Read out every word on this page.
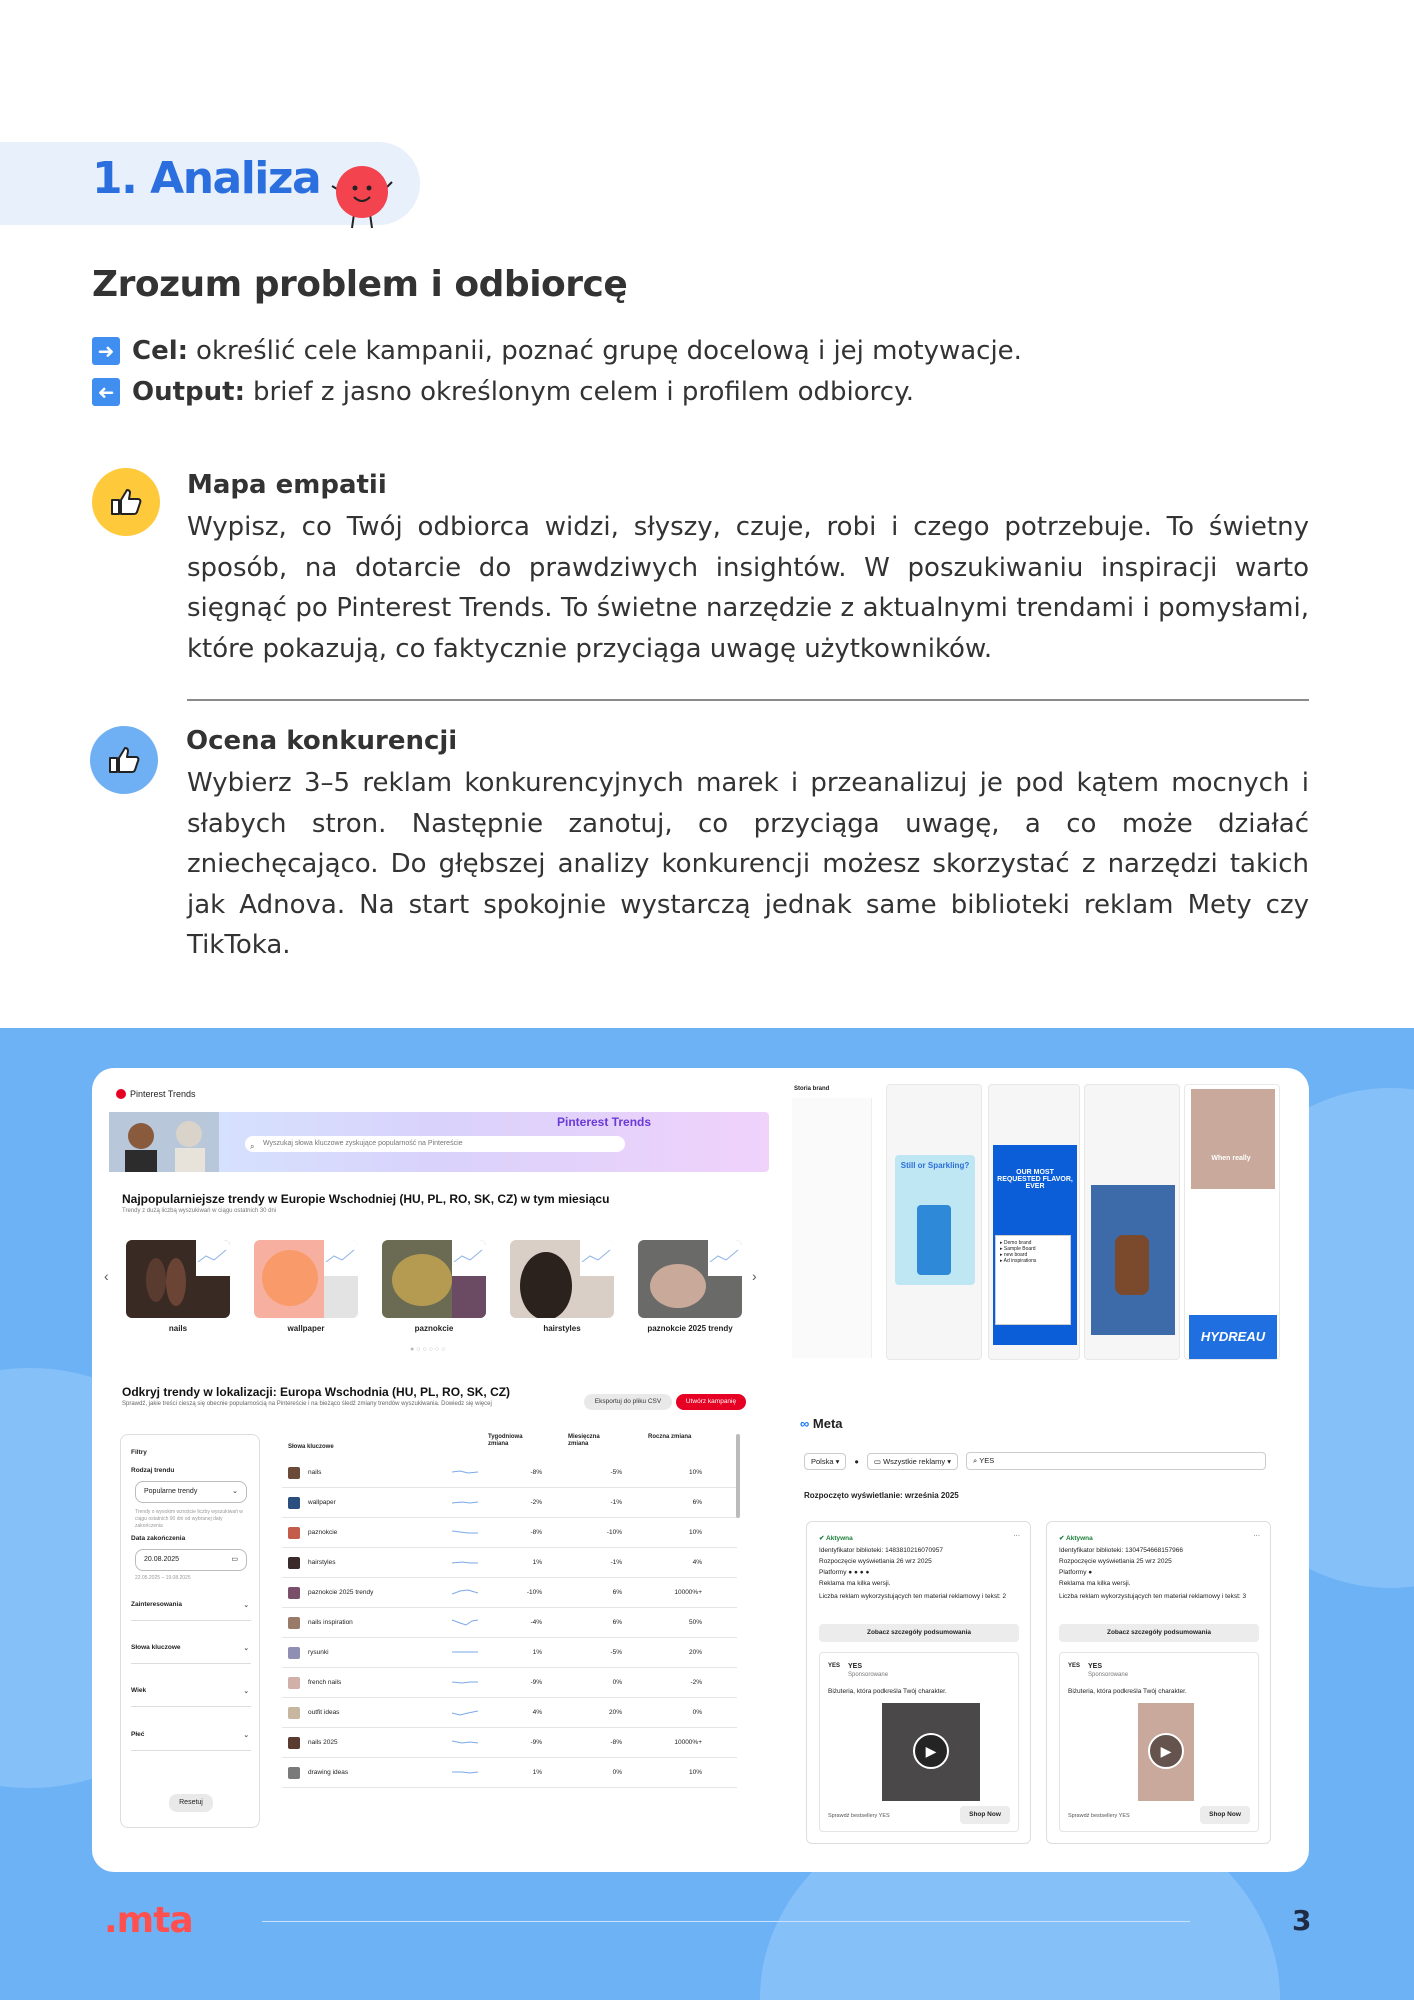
1. Analiza
Zrozum problem i odbiorcę
➜ Cel: określić cele kampanii, poznać grupę docelową i jej motywacje.
➜ Output: brief z jasno określonym celem i profilem odbiorcy.
Mapa empatii
Wypisz, co Twój odbiorca widzi, słyszy, czuje, robi i czego potrzebuje. To świetny sposób, na dotarcie do prawdziwych insightów. W poszukiwaniu inspiracji warto sięgnąć po Pinterest Trends. To świetne narzędzie z aktualnymi trendami i pomysłami, które pokazują, co faktycznie przyciąga uwagę użytkowników.
Ocena konkurencji
Wybierz 3–5 reklam konkurencyjnych marek i przeanalizuj je pod kątem mocnych i słabych stron. Następnie zanotuj, co przyciąga uwagę, a co może działać zniechęcająco. Do głębszej analizy konkurencji możesz skorzystać z narzędzi takich jak Adnova. Na start spokojnie wystarczą jednak same biblioteki reklam Mety czy TikToka.
Pinterest Trends
Pinterest Trends
⌕ Wyszukaj słowa kluczowe zyskujące popularność na Pintereście
Najpopularniejsze trendy w Europie Wschodniej (HU, PL, RO, SK, CZ) w tym miesiącu
Trendy z dużą liczbą wyszukiwań w ciągu ostatnich 30 dni
‹	›
nails	wallpaper	paznokcie	hairstyles	paznokcie 2025 trendy
●○○○○○
Odkryj trendy w lokalizacji: Europa Wschodnia (HU, PL, RO, SK, CZ)
Sprawdź, jakie treści cieszą się obecnie popularnością na Pintereście i na bieżąco śledź zmiany trendów wyszukiwania. Dowiedz się więcej	Eksportuj do pliku CSV	Utwórz kampanię
Filtry
Rodzaj trendu
Popularne trendy	⌄
Trendy o wysokim wzroście liczby wyszukiwań w ciągu ostatnich 90 dni od wybranej daty zakończenia
Data zakończenia
20.08.2025	▭
22.05.2025 – 19.08.2025
Zainteresowania	⌄
Słowa kluczowe	⌄
Wiek	⌄
Płeć	⌄
Resetuj
Słowa kluczowe
Tygodniowa zmiana
Miesięczna zmiana
Roczna zmiana
nails	-8%	-5%	10%
wallpaper	-2%	-1%	6%
paznokcie	-8%	-10%	10%
hairstyles	1%	-1%	4%
paznokcie 2025 trendy	-10%	6%	10000%+
nails inspiration	-4%	6%	50%
rysunki	1%	-5%	20%
french nails	-9%	0%	-2%
outfit ideas	4%	20%	0%
nails 2025	-9%	-8%	10000%+
drawing ideas	1%	0%	10%
Storia brand
Still or Sparkling?
OUR MOST REQUESTED FLAVOR, EVER
▸ Demo brand
▸ Sample Board
▸ new board
▸ Ad inspirations
When really
HYDREAU
∞ Meta
Polska ▾	●	▭ Wszystkie reklamy ▾	⌕ YES
Rozpoczęto wyświetlanie: września 2025
✔ Aktywna	···
Identyfikator biblioteki: 1483810216070957
Rozpoczęcie wyświetlania 26 wrz 2025
Platformy ● ● ● ●
Reklama ma kilka wersji.
Liczba reklam wykorzystujących ten materiał reklamowy i tekst: 2
Zobacz szczegóły podsumowania
YES YES
Sponsorowane
Biżuteria, która podkreśla Twój charakter.
▶
Sprawdź bestsellery YES	Shop Now
✔ Aktywna	···
Identyfikator biblioteki: 1304754668157966
Rozpoczęcie wyświetlania 25 wrz 2025
Platformy ●
Reklama ma kilka wersji.
Liczba reklam wykorzystujących ten materiał reklamowy i tekst: 3
Zobacz szczegóły podsumowania
YES YES
Sponsorowane
Biżuteria, która podkreśla Twój charakter.
▶
Sprawdź bestsellery YES	Shop Now
.mta	3
